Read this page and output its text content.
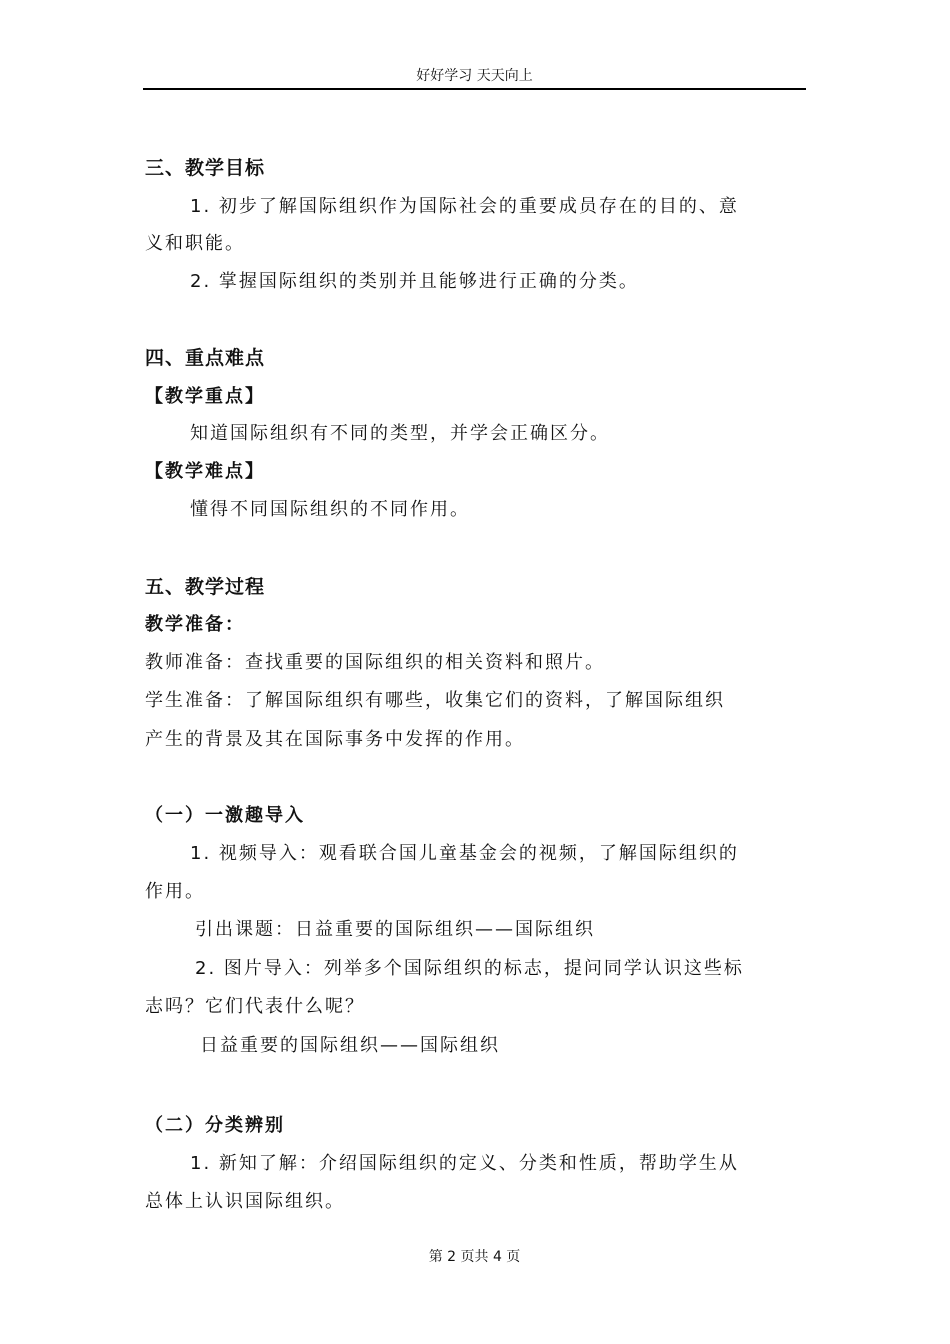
好好学习 天天向上
三、教学目标
1. 初步了解国际组织作为国际社会的重要成员存在的目的、意
义和职能。
2. 掌握国际组织的类别并且能够进行正确的分类。
四、重点难点
【教学重点】
知道国际组织有不同的类型，并学会正确区分。
【教学难点】
懂得不同国际组织的不同作用。
五、教学过程
教学准备：
教师准备：查找重要的国际组织的相关资料和照片。
学生准备：了解国际组织有哪些，收集它们的资料，了解国际组织
产生的背景及其在国际事务中发挥的作用。
（一）一激趣导入
1. 视频导入：观看联合国儿童基金会的视频，了解国际组织的
作用。
引出课题：日益重要的国际组织——国际组织
2. 图片导入：列举多个国际组织的标志，提问同学认识这些标
志吗？它们代表什么呢？
日益重要的国际组织——国际组织
（二）分类辨别
1. 新知了解：介绍国际组织的定义、分类和性质，帮助学生从
总体上认识国际组织。
第 2 页共 4 页
